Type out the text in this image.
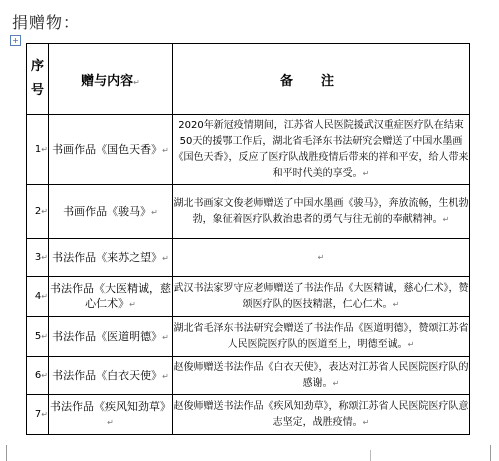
捐赠物：
+
序号	赠与内容↵	备注
1↵	书画作品《国色天香》↵	2020年新冠疫情期间，江苏省人民医院援武汉重症医疗队在结束50天的援鄂工作后，湖北省毛泽东书法研究会赠送了中国水墨画《国色天香》，反应了医疗队战胜疫情后带来的祥和平安，给人带来和平时代美的享受。↵
2↵	书画作品《骏马》↵	湖北书画家文俊老师赠送了中国水墨画《骏马》，奔放流畅，生机勃勃，象征着医疗队救治患者的勇气与往无前的奉献精神。↵
3↵	书法作品《来苏之望》↵	↵
4↵	书法作品《大医精诚，慈心仁术》↵	武汉书法家罗守应老师赠送了书法作品《大医精诚，慈心仁术》，赞颂医疗队的医技精湛，仁心仁术。↵
5↵	书法作品《医道明德》↵	湖北省毛泽东书法研究会赠送了书法作品《医道明德》，赞颂江苏省人民医院医疗队的医道至上，明德至诚。↵
6↵	书法作品《白衣天使》↵	赵俊师赠送书法作品《白衣天使》，表达对江苏省人民医院医疗队的感谢。↵
7↵	书法作品《疾风知劲草》↵	赵俊师赠送书法作品《疾风知劲草》，称颂江苏省人民医院医疗队意志坚定，战胜疫情。↵
